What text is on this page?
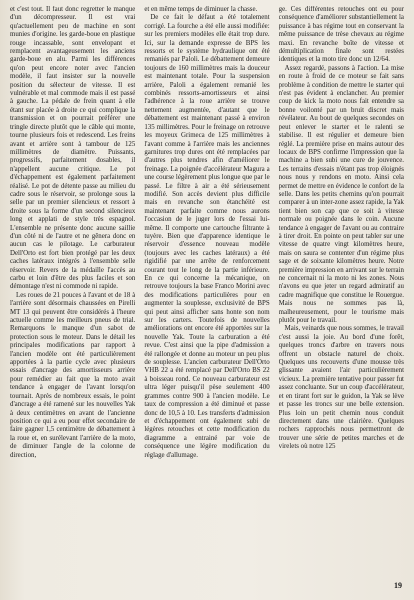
et c'est tout. Il faut donc regretter le manque d'un décompresseur. Il est vrai qu'actuellement peu de machine en sont munies d'origine. les garde-boue en plastique rouge incassable, sont envelopant et remplacent avantageusement les anciens garde-boue en alu. Parmi les différences qu'on peut encore noter avec l'ancien modèle, il faut insister sur la nouvelle position du sélecteur de vitesse. Il est vulnérable et mal commode mais il est passé à gauche. La pédale de frein quant à elle étant sur placée à droite ce qui complique la transmission et on pourrait préférer une tringle directe plutôt que le câble qui monte, tourne plusieurs fois et redescend. Les freins avant et arrière sont à tambour de 125 millimètres de diamètre. Puissants, progressifs, parfaitement dosables, il n'appellent aucune critique. Le pot d'échappement est également parfaitement réalisé. Le pot de détente passe au milieu du cadre sous le réservoir, se prolonge sous la selle par un premier silencieux et ressort à droite sous la forme d'un second silencieux long et applati de style très espagnol. L'ensemble ne présente donc aucune saillie d'un côté ni de l'autre et ne gênera donc en aucun cas le pilotage. Le carburateur Dell'Orto est fort bien protégé par les deux caches latéraux intégrés à l'ensemble selle réservoir. Revers de la médaille l'accès au carbu et loin d'être des plus faciles et son démontage n'est ni commode ni rapide.

Les roues de 21 pouces à l'avant et de 18 à l'arrière sont désormais chaussées en Pirelli MT 13 qui peuvent être considérés à l'heure actuelle comme les meilleurs pneus de trial. Remarquons le manque d'un sabot de protection sous le moteur. Dans le détail les principales modifications par rapport à l'ancien modèle ont été particulièrement apportées à la partie cycle avec plusieurs essais d'ancrage des amortisseurs arrière pour remédier au fait que la moto avait tendance à engager de l'avant lorsqu'on tournait. Après de nombreux essais, le point d'ancrage a été ramené sur les nouvelles Yak à deux centimètres en avant de l'ancienne position ce qui a eu pour effet secondaire de faire gagner 1,5 centimètre de débattement à la roue et, en surélevant l'arrière de la moto, de diminuer l'angle de la colonne de direction,

et en même temps de diminuer la chasse.

De ce fait le défaut a été totalement corrigé. La fourche a été elle aussi modifiée: sur les premiers modèles elle était trop dure. Ici, sur la demande expresse de BPS les ressorts et le système hydraulique ont été remaniés par Paloli. Le débattement demeure toujours de 160 millimètres mais la douceur est maintenant totale. Pour la suspension arrière, Paloli a également remanié les combinés ressorts-amortisseurs et ainsi l'adhérence à la roue arrière se trouve nettement augmentée, d'autant que le débattement est maintenant passé à environ 135 millimètres. Pour le freinage on retrouve les moyeux Grimeca de 125 millimètres à l'avant comme à l'arrière mais les anciennes garnitures trop dures ont été remplacées par d'autres plus tendres afin d'améliorer le freinage. La poignée d'accélérateur Magura a une course légèrement plus longue que par le passé. Le filtre à air a été sérieusement modifié. Son accès devient plus difficile mais en revanche son étanchéité est maintenant parfaite comme nous aurons l'occasion de le juger lors de l'essai lui-même. Il comporte une cartouche filtrante à tuyère. Bien que d'apparence identique le réservoir d'essence nouveau modèle (toujours avec les caches latéraux) a été rigidifié par une arrête de renforcement courant tout le long de la partie inférieure. En ce qui concerne la mécanique, on retrouve toujours la base Franco Morini avec des modifications particulières pour en augmenter la souplesse, exclusivité de BPS qui peut ainsi afficher sans honte son nom sur les carters. Toutefois de nouvelles améliorations ont encore été apportées sur la nouvelle Yak. Toute la carburation a été revue. C'est ainsi que la pipe d'admission a été rallongée et donne au moteur un peu plus de souplesse. L'ancien carburateur Dell'Orto VHB 22 a été remplacé par Dell'Orto BS 22 à boisseau rond. Ce nouveau carburateur est ultra léger puisqu'il pèse seulement 400 grammes contre 900 à l'ancien modèle. Le taux de compression a été diminué et passe donc de 10,5 à 10. Les transferts d'admission et d'échappement ont également subi de légères retouches et cette modification du diagramme a entrainé par voie de conséquence une légère modification du réglage d'allumage.

ge. Ces différentes retouches ont eu pour conséquence d'améliorer substantiellement la puissance à bas régime tout en conservant la même puissance de trèse chevaux au régime maxi. En revanche boîte de vitesse et démultiplication finale sont restées identiques et la moto tire donc un 12/64.

Assez regardé, passons à l'action. La mise en route à froid de ce moteur se fait sans problème à condition de mettre le starter qui n'est pas évident à enclancher. Au premier coup de kick la moto nous fait entendre sa bonne voilonté par un bruit discret mais révélateur. Au bout de quelques secondes on peut enlever le starter et le ralenti se stabilise. Il est régulier et demeure bien réglé. La première prise en mains autour des locaux de BPS confirme l'impression que la machine a bien subi une cure de jouvence. Les terrains d'essais n'étant pas trop éloignés nous nous y rendons en moto. Ainsi cela permet de mettre en évidence le confort de la selle. Dans les petits chemins qu'on pourrait comparer à un inter-zone assez rapide, la Yak tient bien son cap que ce soit à vitesse normale ou poignée dans le coin. Aucune tendance à engager de l'avant ou au contraire à tirer droit. En pointe on peut tabler sur une vitesse de quatre vingt kilomètres heure, mais on saura se contenter d'un régime plus sage et de soixante kilomètres heure. Notre première impression en arrivant sur le terrain ne concernait ni la moto ni les zones. Nous n'avons eu que jeter un regard admiratif au cadre magnifique que constitue le Rouergue. Mais nous ne sommes pas là, malheureusement, pour le tourisme mais plutôt pour le travail.

Mais, veinards que nous sommes, le travail c'est aussi la joie. Au bord d'une forêt, quelques troncs d'arbre en travers nous offrent un obstacle naturel de choix. Quelques uns recouverts d'une mousse très glissante avaient l'air particulièrement vicieux. La première tentative pour passer fut assez concluante. Sur un coup d'accélérateur, et en tirant fort sur le guidon, la Yak se lève et passe les troncs sur une belle extension. Plus loin un petit chemin nous conduit directement dans une clairière. Quelques rochers rapprochés nous permettront de trouver une série de petites marches et de virelets où notre 125

19
